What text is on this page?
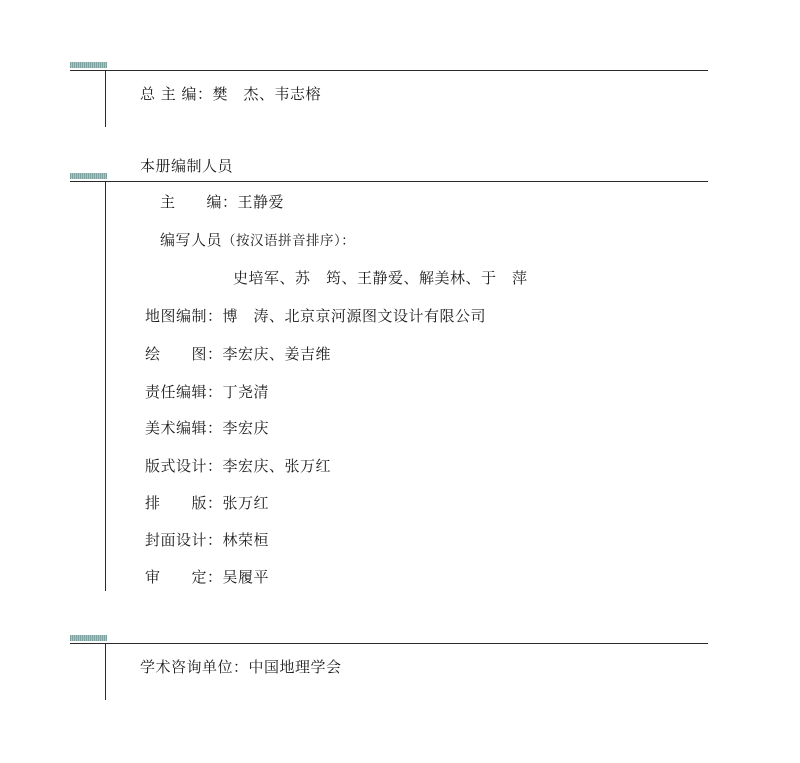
总 主 编：樊　杰、韦志榕
本册编制人员
主　　编：王静爱
编写人员（按汉语拼音排序）：
史培军、苏　筠、王静爱、解美林、于　萍
地图编制：博　涛、北京京河源图文设计有限公司
绘　　图：李宏庆、姜吉维
责任编辑：丁尧清
美术编辑：李宏庆
版式设计：李宏庆、张万红
排　　版：张万红
封面设计：林荣桓
审　　定：吴履平
学术咨询单位：中国地理学会
